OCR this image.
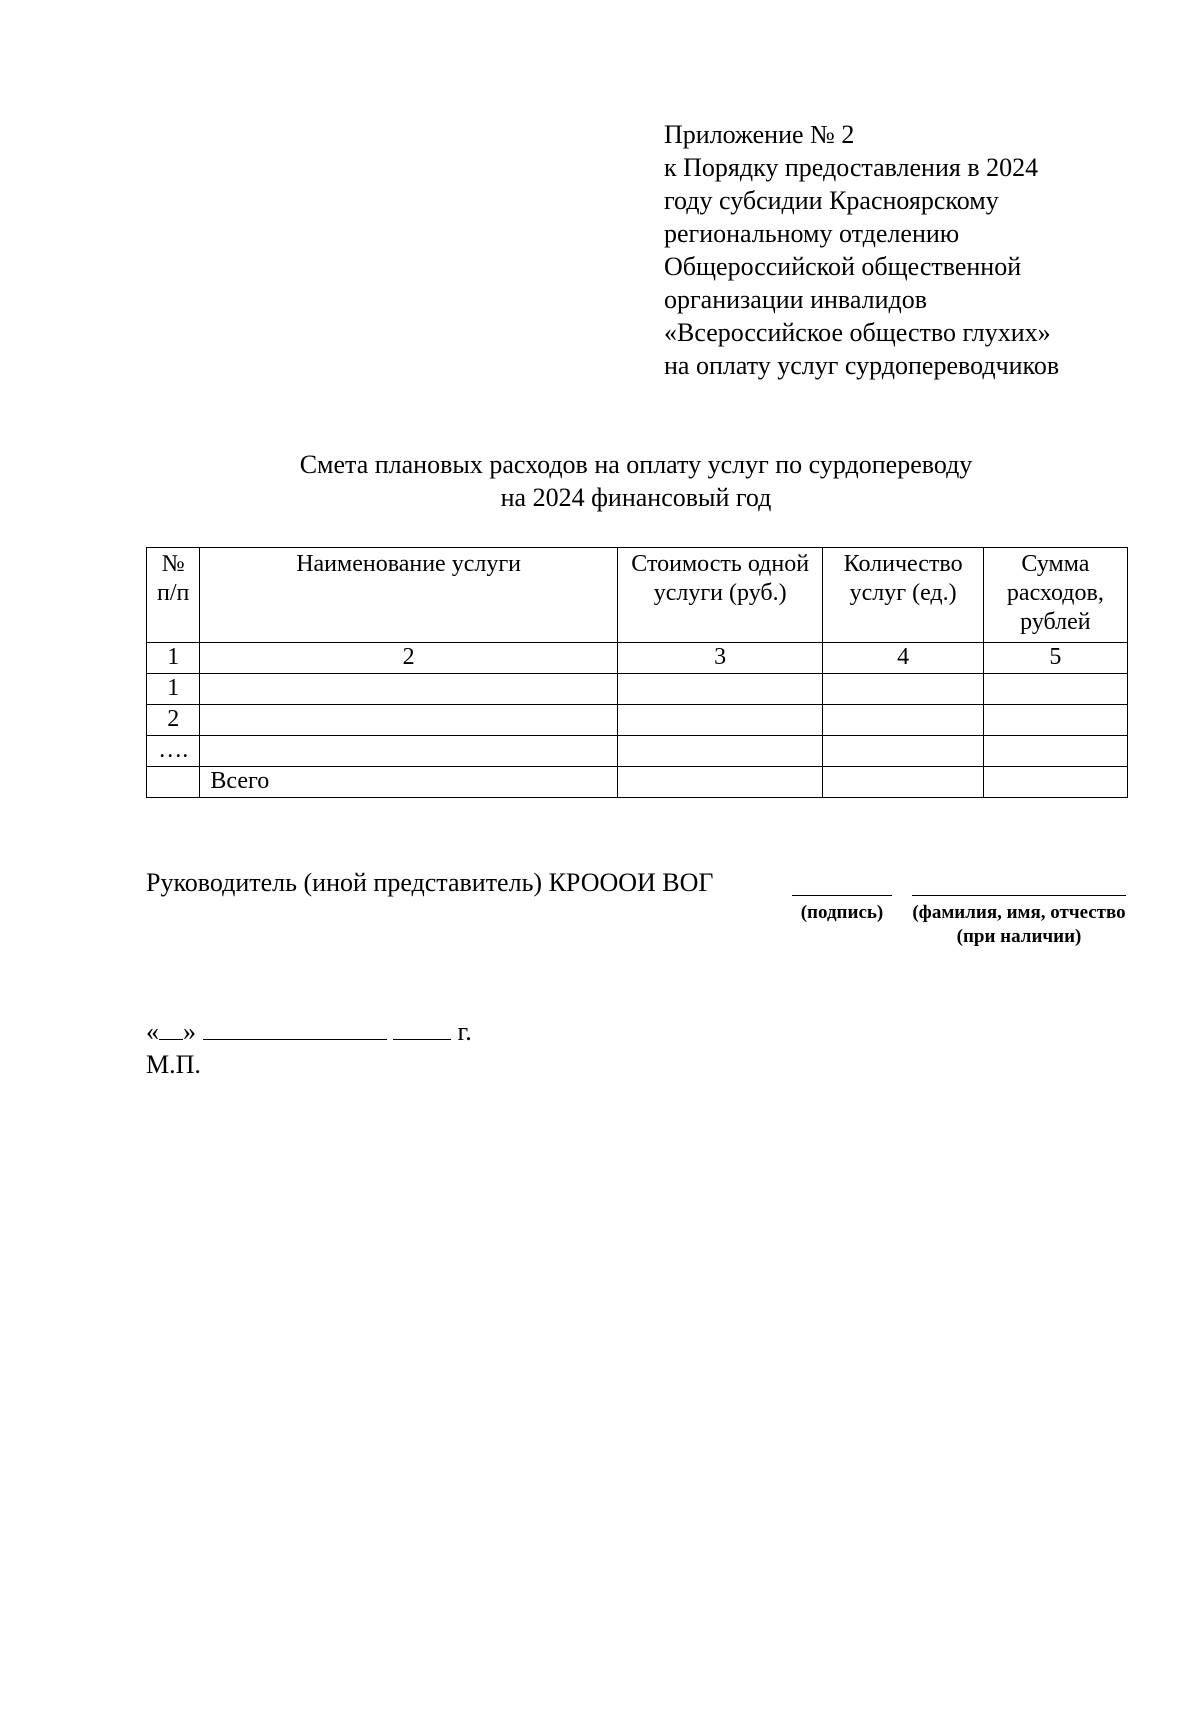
Приложение № 2
к Порядку предоставления в 2024
году субсидии Красноярскому
региональному отделению
Общероссийской общественной
организации инвалидов
«Всероссийское общество глухих»
на оплату услуг сурдопереводчиков
Смета плановых расходов на оплату услуг по сурдопереводу
на 2024 финансовый год
№ п/п	Наименование услуги	Стоимость одной услуги (руб.)	Количество услуг (ед.)	Сумма расходов, рублей
1	2	3	4	5
1				
2				
….				
	Всего			
Руководитель (иной представитель) КРОООИ ВОГ
(подпись)	(фамилия, имя, отчество
(при наличии)
« »	г.
М.П.
